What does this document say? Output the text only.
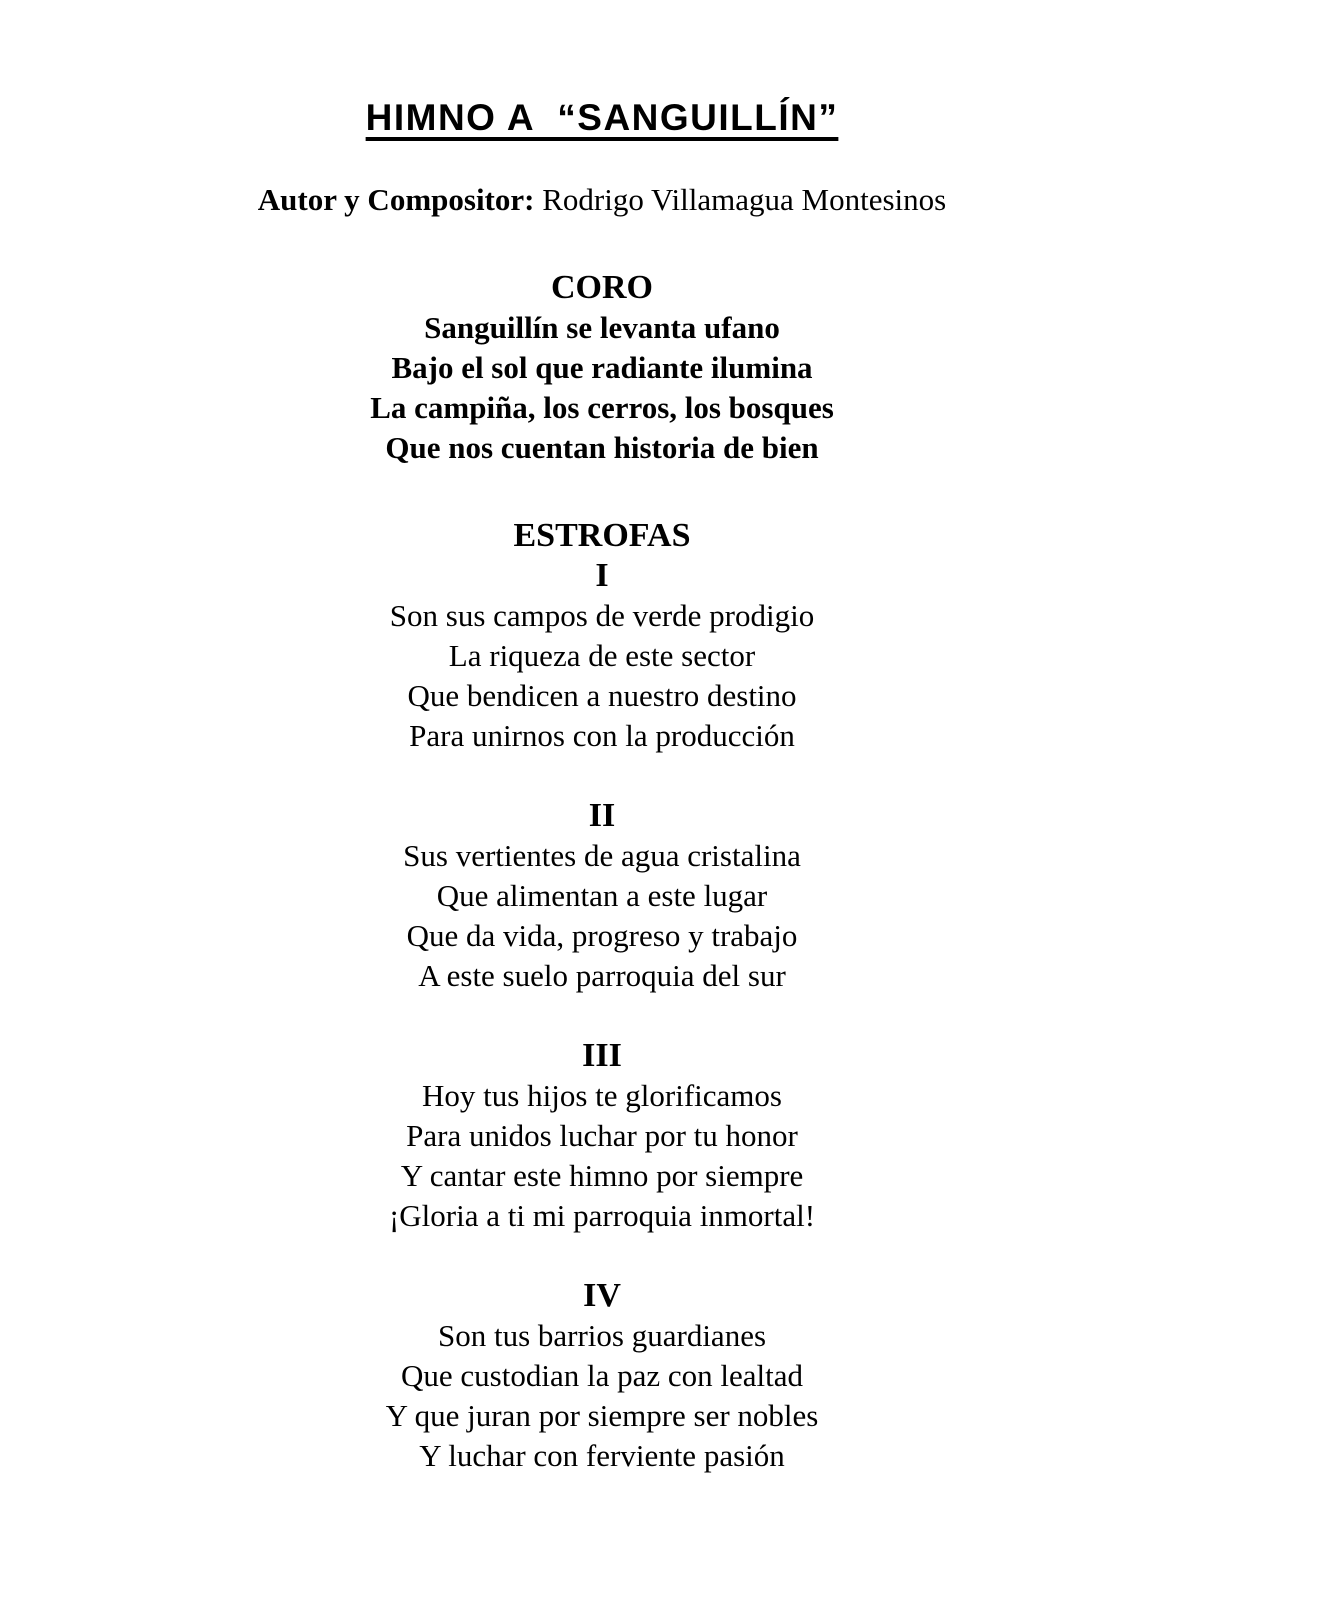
HIMNO A  “SANGUILLÍN”

Autor y Compositor: Rodrigo Villamagua Montesinos

CORO
Sanguillín se levanta ufano
Bajo el sol que radiante ilumina
La campiña, los cerros, los bosques
Que nos cuentan historia de bien
ESTROFAS
I
Son sus campos de verde prodigio
La riqueza de este sector
Que bendicen a nuestro destino
Para unirnos con la producción
II
Sus vertientes de agua cristalina
Que alimentan a este lugar
Que da vida, progreso y trabajo
A este suelo parroquia del sur
III
Hoy tus hijos te glorificamos
Para unidos luchar por tu honor
Y cantar este himno por siempre
¡Gloria a ti mi parroquia inmortal!
IV
Son tus barrios guardianes
Que custodian la paz con lealtad
Y que juran por siempre ser nobles
Y luchar con ferviente pasión
